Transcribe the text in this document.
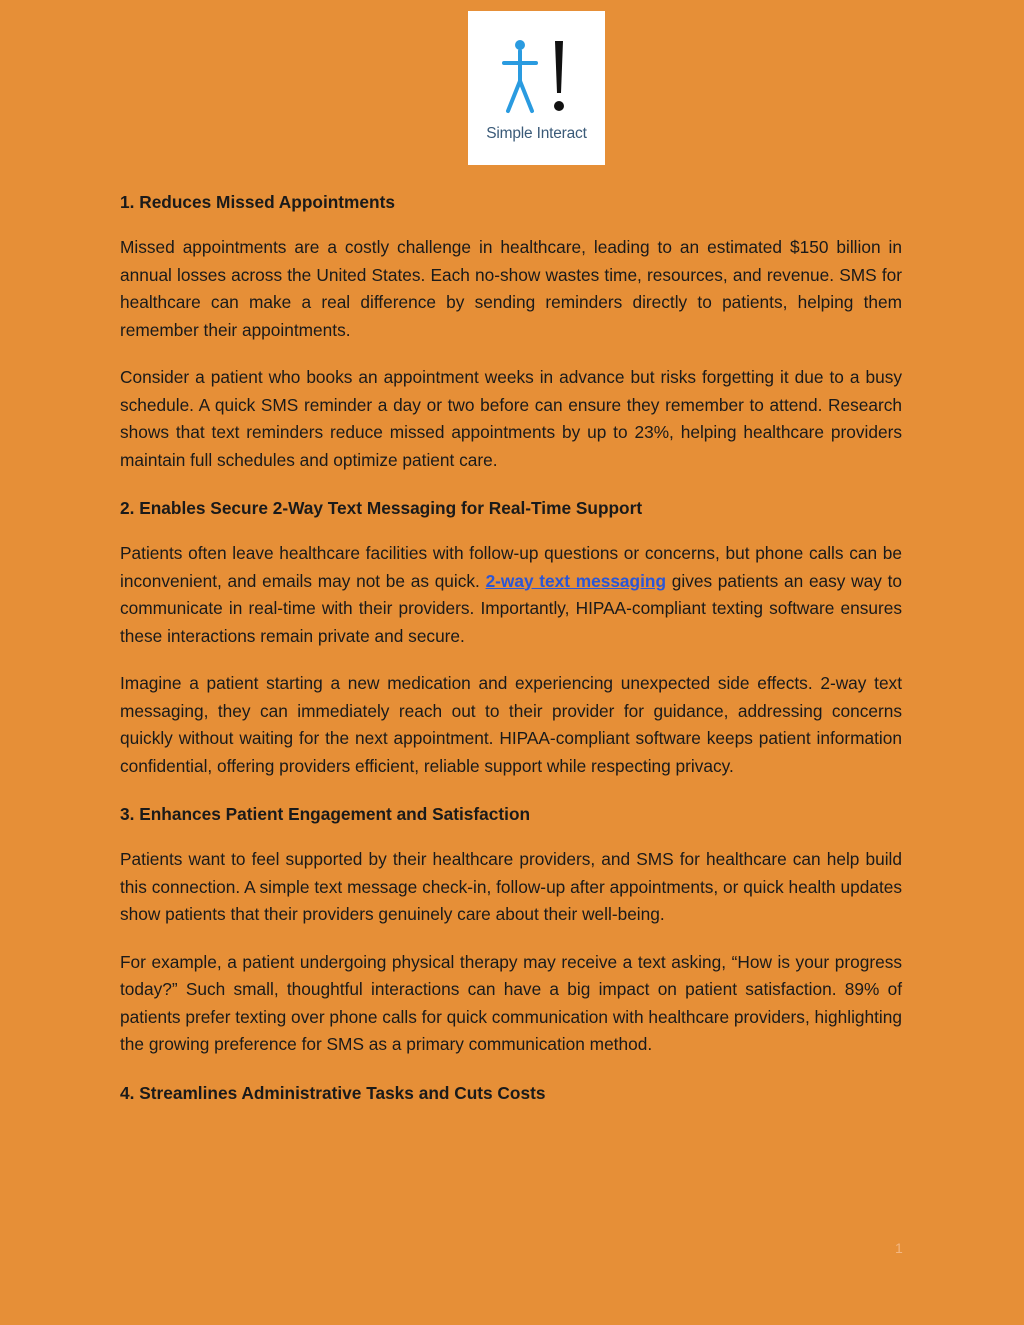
Simple Interact
1. Reduces Missed Appointments

Missed appointments are a costly challenge in healthcare, leading to an estimated $150 billion in annual losses across the United States. Each no-show wastes time, resources, and revenue. SMS for healthcare can make a real difference by sending reminders directly to patients, helping them remember their appointments.

Consider a patient who books an appointment weeks in advance but risks forgetting it due to a busy schedule. A quick SMS reminder a day or two before can ensure they remember to attend. Research shows that text reminders reduce missed appointments by up to 23%, helping healthcare providers maintain full schedules and optimize patient care.

2. Enables Secure 2-Way Text Messaging for Real-Time Support

Patients often leave healthcare facilities with follow-up questions or concerns, but phone calls can be inconvenient, and emails may not be as quick. 2-way text messaging gives patients an easy way to communicate in real-time with their providers. Importantly, HIPAA-compliant texting software ensures these interactions remain private and secure.

Imagine a patient starting a new medication and experiencing unexpected side effects. 2-way text messaging, they can immediately reach out to their provider for guidance, addressing concerns quickly without waiting for the next appointment. HIPAA-compliant software keeps patient information confidential, offering providers efficient, reliable support while respecting privacy.

3. Enhances Patient Engagement and Satisfaction

Patients want to feel supported by their healthcare providers, and SMS for healthcare can help build this connection. A simple text message check-in, follow-up after appointments, or quick health updates show patients that their providers genuinely care about their well-being.

For example, a patient undergoing physical therapy may receive a text asking, “How is your progress today?” Such small, thoughtful interactions can have a big impact on patient satisfaction. 89% of patients prefer texting over phone calls for quick communication with healthcare providers, highlighting the growing preference for SMS as a primary communication method.

4. Streamlines Administrative Tasks and Cuts Costs
1
